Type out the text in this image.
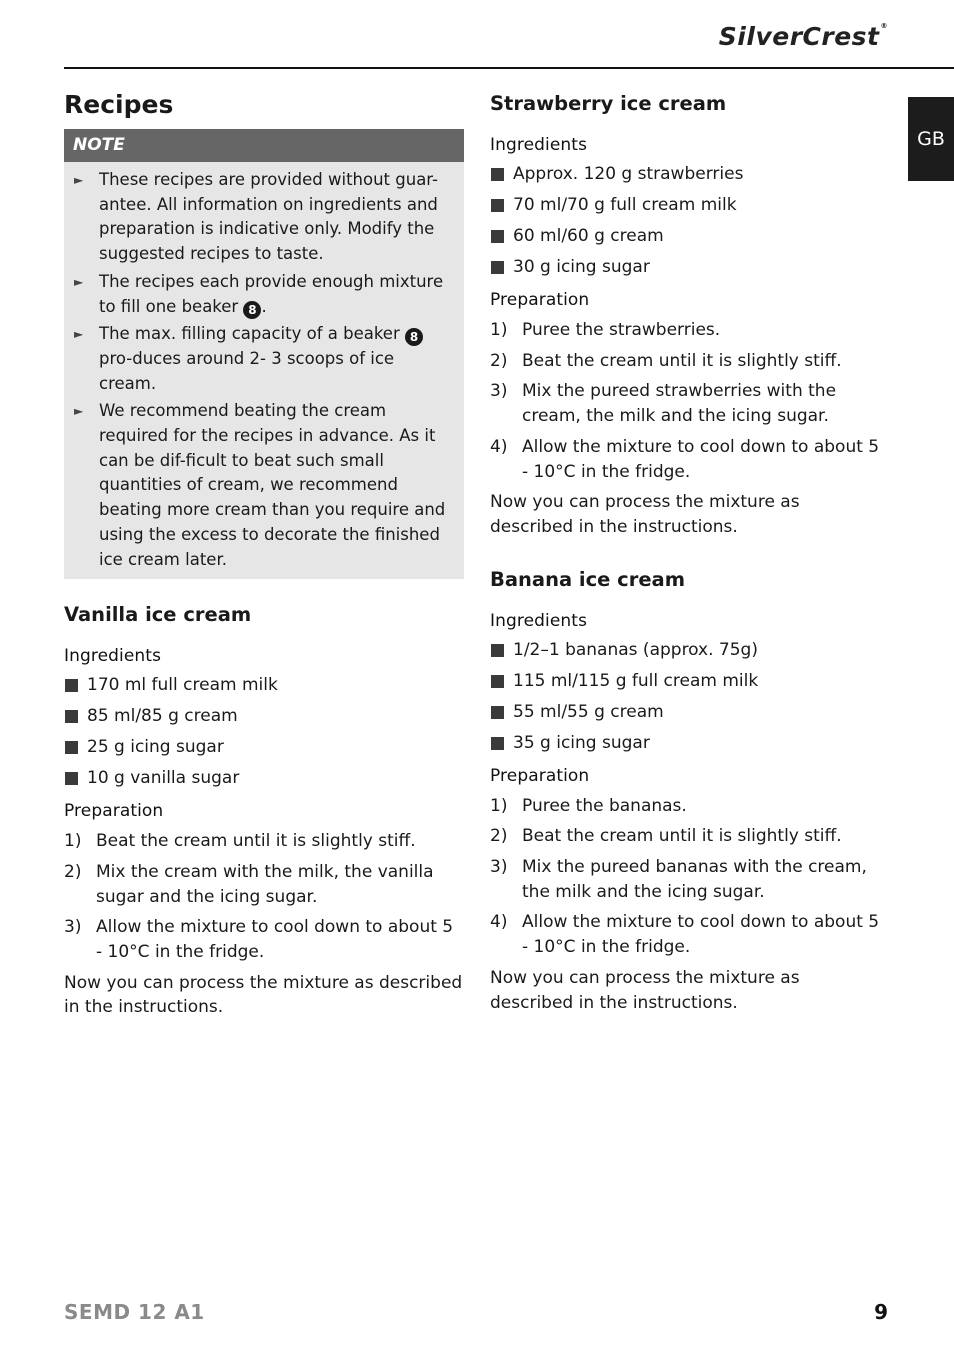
SilverCrest®
GB
Recipes
NOTE
► These recipes are provided without guar-antee. All information on ingredients and preparation is indicative only. Modify the suggested recipes to taste.
► The recipes each provide enough mixture to fill one beaker 8 .
► The max. filling capacity of a beaker 8 pro-duces around 2- 3 scoops of ice cream.
► We recommend beating the cream required for the recipes in advance. As it can be dif-ficult to beat such small quantities of cream, we recommend beating more cream than you require and using the excess to decorate the finished ice cream later.
Vanilla ice cream
Ingredients
170 ml full cream milk
85 ml/85 g cream
25 g icing sugar
10 g vanilla sugar
Preparation
1) Beat the cream until it is slightly stiff.
2) Mix the cream with the milk, the vanilla sugar and the icing sugar.
3) Allow the mixture to cool down to about 5 - 10°C in the fridge.

Now you can process the mixture as described in the instructions.

Strawberry ice cream
Ingredients
Approx. 120 g strawberries
70 ml/70 g full cream milk
60 ml/60 g cream
30 g icing sugar
Preparation
1) Puree the strawberries.
2) Beat the cream until it is slightly stiff.
3) Mix the pureed strawberries with the cream, the milk and the icing sugar.
4) Allow the mixture to cool down to about 5 - 10°C in the fridge.

Now you can process the mixture as described in the instructions.

Banana ice cream
Ingredients
1/2–1 bananas (approx. 75g)
115 ml/115 g full cream milk
55 ml/55 g cream
35 g icing sugar
Preparation
1) Puree the bananas.
2) Beat the cream until it is slightly stiff.
3) Mix the pureed bananas with the cream, the milk and the icing sugar.
4) Allow the mixture to cool down to about 5 - 10°C in the fridge.

Now you can process the mixture as described in the instructions.

SEMD 12 A1	9
